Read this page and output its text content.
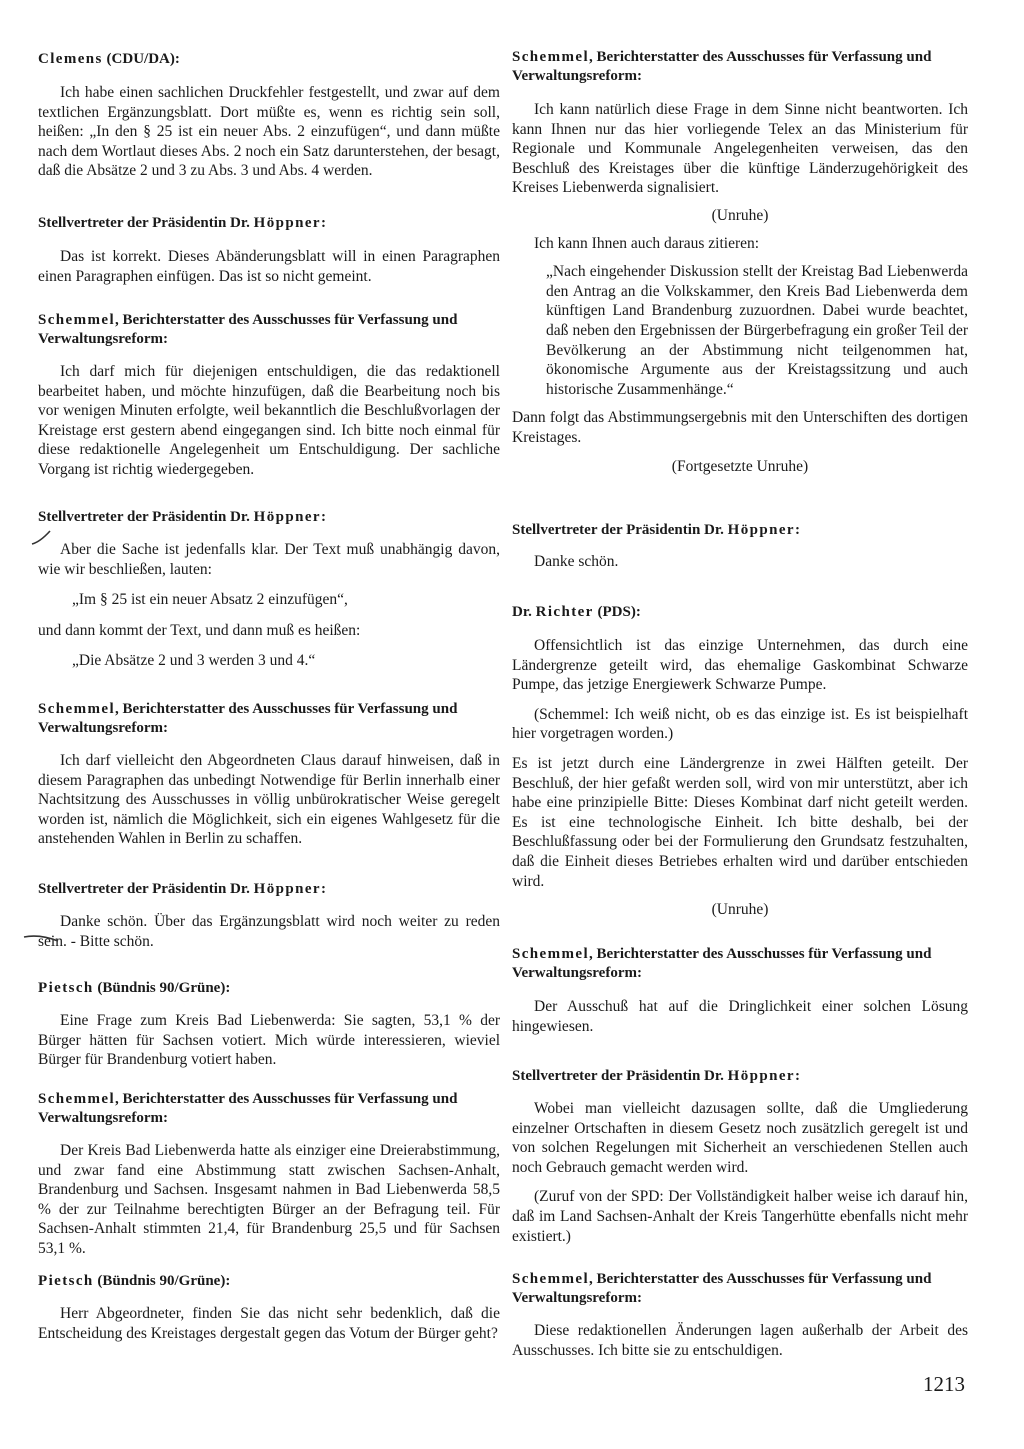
Clemens (CDU/DA):

Ich habe einen sachlichen Druckfehler festgestellt, und zwar auf dem textlichen Ergänzungsblatt. Dort müßte es, wenn es richtig sein soll, heißen: „In den § 25 ist ein neuer Abs. 2 einzufügen“, und dann müßte nach dem Wortlaut dieses Abs. 2 noch ein Satz darunterstehen, der besagt, daß die Absätze 2 und 3 zu Abs. 3 und Abs. 4 werden.

Stellvertreter der Präsidentin Dr. Höppner:

Das ist korrekt. Dieses Abänderungsblatt will in einen Paragraphen einen Paragraphen einfügen. Das ist so nicht gemeint.

Schemmel, Berichterstatter des Ausschusses für Verfassung und Verwaltungsreform:

Ich darf mich für diejenigen entschuldigen, die das redaktionell bearbeitet haben, und möchte hinzufügen, daß die Bearbeitung noch bis vor wenigen Minuten erfolgte, weil bekanntlich die Beschlußvorlagen der Kreistage erst gestern abend eingegangen sind. Ich bitte noch einmal für diese redaktionelle Angelegenheit um Entschuldigung. Der sachliche Vorgang ist richtig wiedergegeben.

Stellvertreter der Präsidentin Dr. Höppner:

Aber die Sache ist jedenfalls klar. Der Text muß unabhängig davon, wie wir beschließen, lauten:

„Im § 25 ist ein neuer Absatz 2 einzufügen“,

und dann kommt der Text, und dann muß es heißen:

„Die Absätze 2 und 3 werden 3 und 4.“

Schemmel, Berichterstatter des Ausschusses für Verfassung und Verwaltungsreform:

Ich darf vielleicht den Abgeordneten Claus darauf hinweisen, daß in diesem Paragraphen das unbedingt Notwendige für Berlin innerhalb einer Nachtsitzung des Ausschusses in völlig unbürokratischer Weise geregelt worden ist, nämlich die Möglichkeit, sich ein eigenes Wahlgesetz für die anstehenden Wahlen in Berlin zu schaffen.

Stellvertreter der Präsidentin Dr. Höppner:

Danke schön. Über das Ergänzungsblatt wird noch weiter zu reden sein. - Bitte schön.

Pietsch (Bündnis 90/Grüne):

Eine Frage zum Kreis Bad Liebenwerda: Sie sagten, 53,1 % der Bürger hätten für Sachsen votiert. Mich würde interessieren, wieviel Bürger für Brandenburg votiert haben.

Schemmel, Berichterstatter des Ausschusses für Verfassung und Verwaltungsreform:

Der Kreis Bad Liebenwerda hatte als einziger eine Dreierabstimmung, und zwar fand eine Abstimmung statt zwischen Sachsen-Anhalt, Brandenburg und Sachsen. Insgesamt nahmen in Bad Liebenwerda 58,5 % der zur Teilnahme berechtigten Bürger an der Befragung teil. Für Sachsen-Anhalt stimmten 21,4, für Brandenburg 25,5 und für Sachsen 53,1 %.

Pietsch (Bündnis 90/Grüne):

Herr Abgeordneter, finden Sie das nicht sehr bedenklich, daß die Entscheidung des Kreistages dergestalt gegen das Votum der Bürger geht?

Schemmel, Berichterstatter des Ausschusses für Verfassung und Verwaltungsreform:

Ich kann natürlich diese Frage in dem Sinne nicht beantworten. Ich kann Ihnen nur das hier vorliegende Telex an das Ministerium für Regionale und Kommunale Angelegenheiten verweisen, das den Beschluß des Kreistages über die künftige Länderzugehörigkeit des Kreises Liebenwerda signalisiert.

(Unruhe)

Ich kann Ihnen auch daraus zitieren:

„Nach eingehender Diskussion stellt der Kreistag Bad Liebenwerda den Antrag an die Volkskammer, den Kreis Bad Liebenwerda dem künftigen Land Brandenburg zuzuordnen. Dabei wurde beachtet, daß neben den Ergebnissen der Bürgerbefragung ein großer Teil der Bevölkerung an der Abstimmung nicht teilgenommen hat, ökonomische Argumente aus der Kreistagssitzung und auch historische Zusammenhänge.“

Dann folgt das Abstimmungsergebnis mit den Unterschiften des dortigen Kreistages.

(Fortgesetzte Unruhe)

Stellvertreter der Präsidentin Dr. Höppner:

Danke schön.

Dr. Richter (PDS):

Offensichtlich ist das einzige Unternehmen, das durch eine Ländergrenze geteilt wird, das ehemalige Gaskombinat Schwarze Pumpe, das jetzige Energiewerk Schwarze Pumpe.

(Schemmel: Ich weiß nicht, ob es das einzige ist. Es ist beispielhaft hier vorgetragen worden.)

Es ist jetzt durch eine Ländergrenze in zwei Hälften geteilt. Der Beschluß, der hier gefaßt werden soll, wird von mir unterstützt, aber ich habe eine prinzipielle Bitte: Dieses Kombinat darf nicht geteilt werden. Es ist eine technologische Einheit. Ich bitte deshalb, bei der Beschlußfassung oder bei der Formulierung den Grundsatz festzuhalten, daß die Einheit dieses Betriebes erhalten wird und darüber entschieden wird.

(Unruhe)

Schemmel, Berichterstatter des Ausschusses für Verfassung und Verwaltungsreform:

Der Ausschuß hat auf die Dringlichkeit einer solchen Lösung hingewiesen.

Stellvertreter der Präsidentin Dr. Höppner:

Wobei man vielleicht dazusagen sollte, daß die Umgliederung einzelner Ortschaften in diesem Gesetz noch zusätzlich geregelt ist und von solchen Regelungen mit Sicherheit an verschiedenen Stellen auch noch Gebrauch gemacht werden wird.

(Zuruf von der SPD: Der Vollständigkeit halber weise ich darauf hin, daß im Land Sachsen-Anhalt der Kreis Tangerhütte ebenfalls nicht mehr existiert.)

Schemmel, Berichterstatter des Ausschusses für Verfassung und Verwaltungsreform:

Diese redaktionellen Änderungen lagen außerhalb der Arbeit des Ausschusses. Ich bitte sie zu entschuldigen.

1213
